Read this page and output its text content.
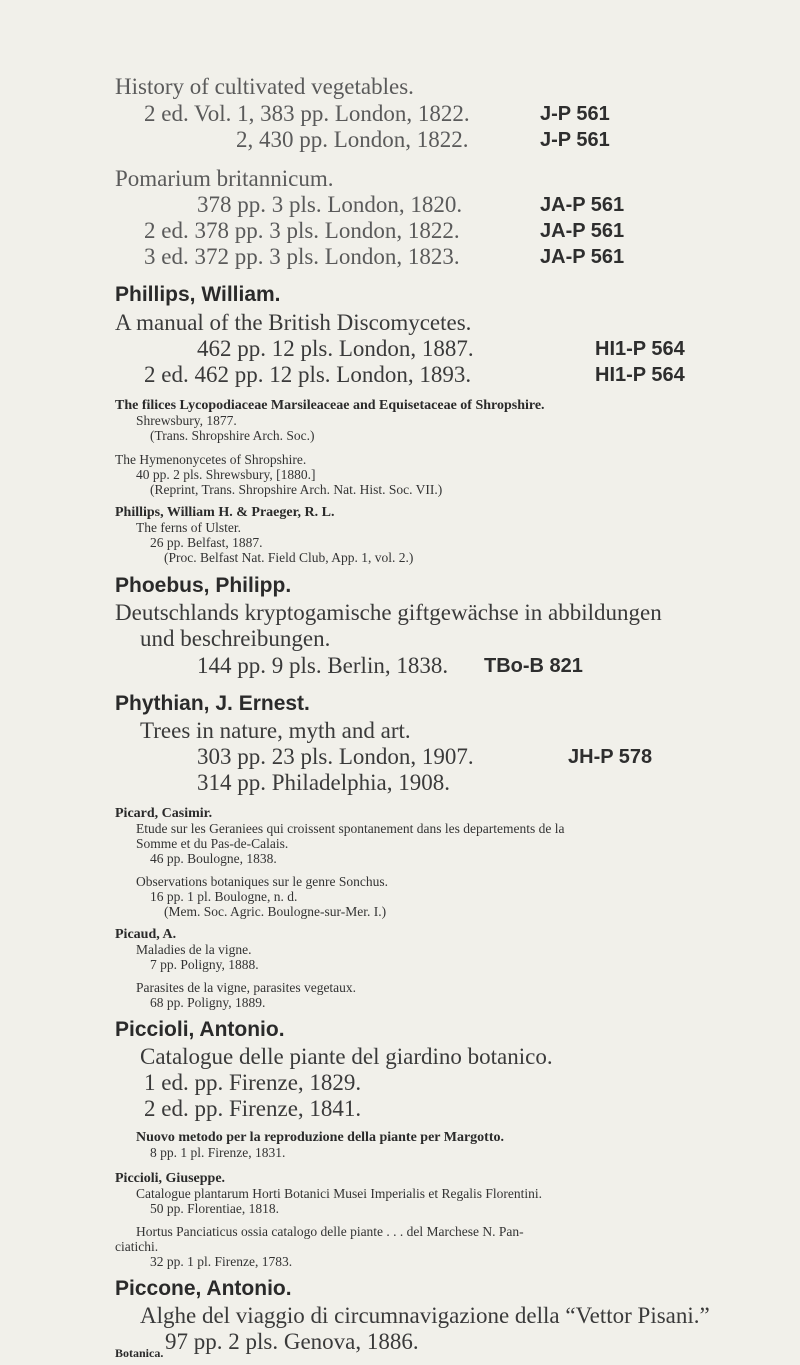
History of cultivated vegetables.
2 ed. Vol. 1, 383 pp. London, 1822.	J-P 561
2, 430 pp. London, 1822.	J-P 561
Pomarium britannicum.
378 pp. 3 pls. London, 1820.	JA-P 561
2 ed. 378 pp. 3 pls. London, 1822.	JA-P 561
3 ed. 372 pp. 3 pls. London, 1823.	JA-P 561
Phillips, William.
A manual of the British Discomycetes.
462 pp. 12 pls. London, 1887.	HI1-P 564
2 ed. 462 pp. 12 pls. London, 1893.	HI1-P 564
The filices Lycopodiaceae Marsileaceae and Equisetaceae of Shropshire.
Shrewsbury, 1877.
(Trans. Shropshire Arch. Soc.)
The Hymenonycetes of Shropshire.
40 pp. 2 pls. Shrewsbury, [1880.]
(Reprint, Trans. Shropshire Arch. Nat. Hist. Soc. VII.)
Phillips, William H. & Praeger, R. L.
The ferns of Ulster.
26 pp. Belfast, 1887.
(Proc. Belfast Nat. Field Club, App. 1, vol. 2.)
Phoebus, Philipp.
Deutschlands kryptogamische giftgewächse in abbildungen
und beschreibungen.
144 pp. 9 pls. Berlin, 1838. TBo-B 821
Phythian, J. Ernest.
Trees in nature, myth and art.
303 pp. 23 pls. London, 1907.	JH-P 578
314 pp. Philadelphia, 1908.
Picard, Casimir.
Etude sur les Geraniees qui croissent spontanement dans les departements de la
Somme et du Pas-de-Calais.
46 pp. Boulogne, 1838.
Observations botaniques sur le genre Sonchus.
16 pp. 1 pl. Boulogne, n. d.
(Mem. Soc. Agric. Boulogne-sur-Mer. I.)
Picaud, A.
Maladies de la vigne.
7 pp. Poligny, 1888.
Parasites de la vigne, parasites vegetaux.
68 pp. Poligny, 1889.
Piccioli, Antonio.
Catalogue delle piante del giardino botanico.
1 ed. pp. Firenze, 1829.
2 ed. pp. Firenze, 1841.
Nuovo metodo per la reproduzione della piante per Margotto.
8 pp. 1 pl. Firenze, 1831.
Piccioli, Giuseppe.
Catalogue plantarum Horti Botanici Musei Imperialis et Regalis Florentini.
50 pp. Florentiae, 1818.
Hortus Panciaticus ossia catalogo delle piante . . . del Marchese N. Pan-
ciatichi.
32 pp. 1 pl. Firenze, 1783.
Piccone, Antonio.
Alghe del viaggio di circumnavigazione della “Vettor Pisani.”
97 pp. 2 pls. Genova, 1886.
Botanica.
